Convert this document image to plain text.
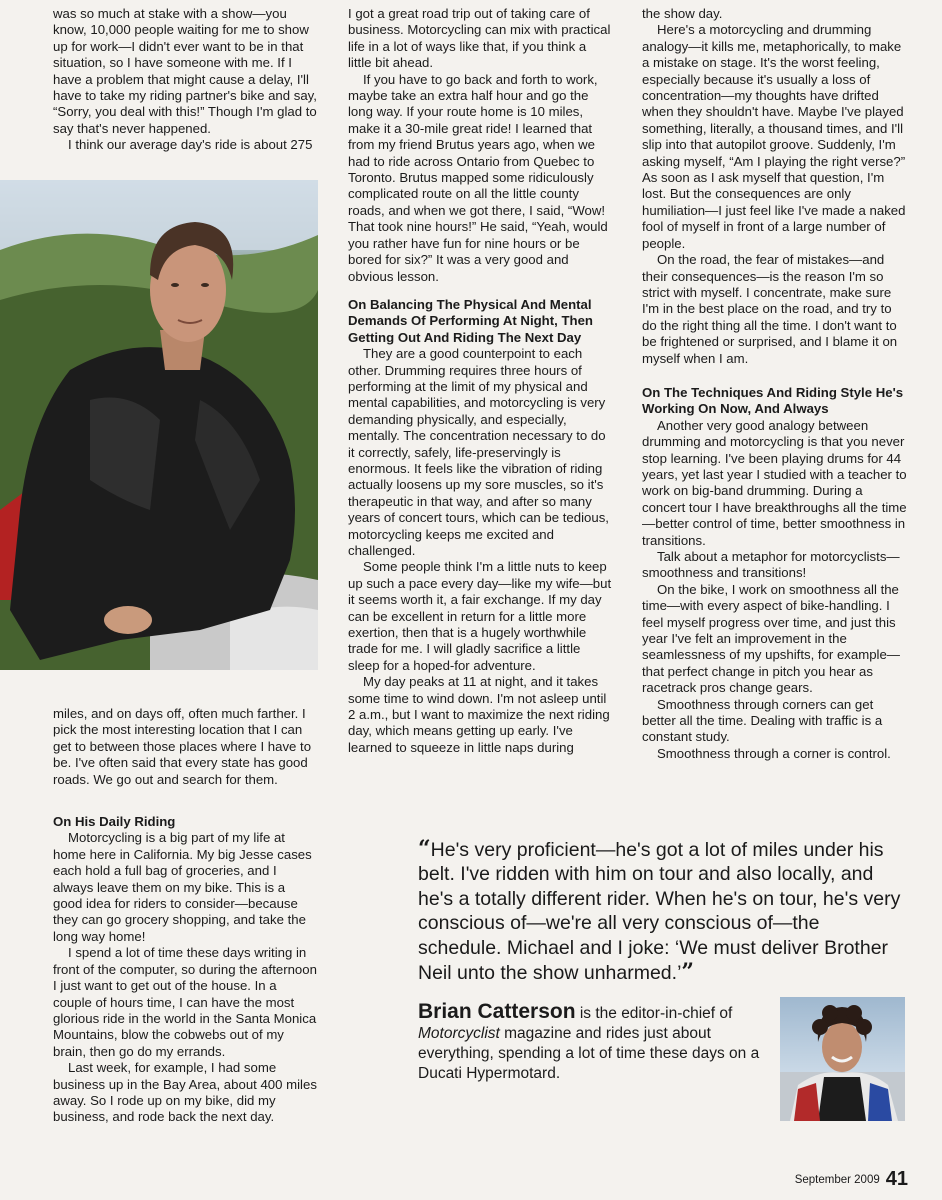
was so much at stake with a show—you know, 10,000 people waiting for me to show up for work—I didn't ever want to be in that situation, so I have someone with me. If I have a problem that might cause a delay, I'll have to take my riding partner's bike and say, “Sorry, you deal with this!” Though I'm glad to say that's never happened.

I think our average day's ride is about 275

miles, and on days off, often much farther. I pick the most interesting location that I can get to between those places where I have to be. I've often said that every state has good roads. We go out and search for them.

On His Daily Riding

Motorcycling is a big part of my life at home here in California. My big Jesse cases each hold a full bag of groceries, and I always leave them on my bike. This is a good idea for riders to consider—because they can go grocery shopping, and take the long way home!

I spend a lot of time these days writing in front of the computer, so during the afternoon I just want to get out of the house. In a couple of hours time, I can have the most glorious ride in the world in the Santa Monica Mountains, blow the cobwebs out of my brain, then go do my errands.

Last week, for example, I had some business up in the Bay Area, about 400 miles away. So I rode up on my bike, did my business, and rode back the next day.

I got a great road trip out of taking care of business. Motorcycling can mix with practical life in a lot of ways like that, if you think a little bit ahead.

If you have to go back and forth to work, maybe take an extra half hour and go the long way. If your route home is 10 miles, make it a 30-mile great ride! I learned that from my friend Brutus years ago, when we had to ride across Ontario from Quebec to Toronto. Brutus mapped some ridiculously complicated route on all the little county roads, and when we got there, I said, “Wow! That took nine hours!” He said, “Yeah, would you rather have fun for nine hours or be bored for six?” It was a very good and obvious lesson.

On Balancing The Physical And Mental Demands Of Performing At Night, Then Getting Out And Riding The Next Day

They are a good counterpoint to each other. Drumming requires three hours of performing at the limit of my physical and mental capabilities, and motorcycling is very demanding physically, and especially, mentally. The concentration necessary to do it correctly, safely, life-preservingly is enormous. It feels like the vibration of riding actually loosens up my sore muscles, so it's therapeutic in that way, and after so many years of concert tours, which can be tedious, motorcycling keeps me excited and challenged.

Some people think I'm a little nuts to keep up such a pace every day—like my wife—but it seems worth it, a fair exchange. If my day can be excellent in return for a little more exertion, then that is a hugely worthwhile trade for me. I will gladly sacrifice a little sleep for a hoped-for adventure.

My day peaks at 11 at night, and it takes some time to wind down. I'm not asleep until 2 a.m., but I want to maximize the next riding day, which means getting up early. I've learned to squeeze in little naps during

the show day.

Here's a motorcycling and drumming analogy—it kills me, metaphorically, to make a mistake on stage. It's the worst feeling, especially because it's usually a loss of concentration—my thoughts have drifted when they shouldn't have. Maybe I've played something, literally, a thousand times, and I'll slip into that autopilot groove. Suddenly, I'm asking myself, “Am I playing the right verse?” As soon as I ask myself that question, I'm lost. But the consequences are only humiliation—I just feel like I've made a naked fool of myself in front of a large number of people.

On the road, the fear of mistakes—and their consequences—is the reason I'm so strict with myself. I concentrate, make sure I'm in the best place on the road, and try to do the right thing all the time. I don't want to be frightened or surprised, and I blame it on myself when I am.

On The Techniques And Riding Style He's Working On Now, And Always

Another very good analogy between drumming and motorcycling is that you never stop learning. I've been playing drums for 44 years, yet last year I studied with a teacher to work on big-band drumming. During a concert tour I have breakthroughs all the time—better control of time, better smoothness in transitions.

Talk about a metaphor for motorcyclists—smoothness and transitions!

On the bike, I work on smoothness all the time—with every aspect of bike-handling. I feel myself progress over time, and just this year I've felt an improvement in the seamlessness of my upshifts, for example—that perfect change in pitch you hear as racetrack pros change gears.

Smoothness through corners can get better all the time. Dealing with traffic is a constant study.

Smoothness through a corner is control.

“He's very proficient—he's got a lot of miles under his belt. I've ridden with him on tour and also locally, and he's a totally different rider. When he's on tour, he's very conscious of—we're all very conscious of—the schedule. Michael and I joke: ‘We must deliver Brother Neil unto the show unharmed.’”
Brian Catterson is the editor-in-chief of Motorcyclist magazine and rides just about everything, spending a lot of time these days on a Ducati Hypermotard.
September 2009 41
